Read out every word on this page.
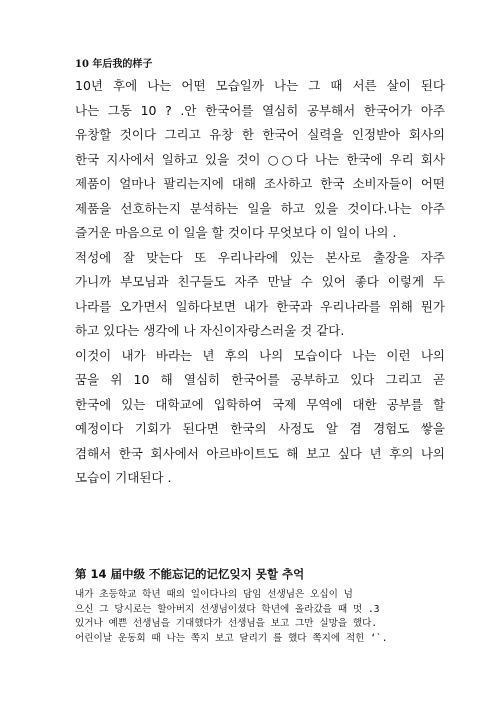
10 年后我的样子

10년 후에 나는 어떤 모습일까 나는 그 때 서른 살이 된다
나는 그동 10 ? .안 한국어를 열심히 공부해서 한국어가 아주
유창할 것이다 그리고 유창 한 한국어 실력을 인정받아 회사의
한국 지사에서 일하고 있을 것이 ○○다 나는 한국에 우리 회사
제품이 얼마나 팔리는지에 대해 조사하고 한국 소비자들이 어떤
제품을 선호하는지 분석하는 일을 하고 있을 것이다.나는 아주
즐거운 마음으로 이 일을 할 것이다 무엇보다 이 일이 나의 .

적성에 잘 맞는다 또 우리나라에 있는 본사로 출장을 자주
가니까 부모님과 친구들도 자주 만날 수 있어 좋다 이렇게 두
나라를 오가면서 일하다보면 내가 한국과 우리나라를 위해 뭔가
하고 있다는 생각에 나 자신이자랑스러울 것 같다.

이것이 내가 바라는 년 후의 나의 모습이다 나는 이런 나의
꿈을 위 10 해 열심히 한국어를 공부하고 있다 그리고 곧
한국에 있는 대학교에 입학하여 국제 무역에 대한 공부를 할
예정이다 기회가 된다면 한국의 사정도 알 겸 경험도 쌓을
겸해서 한국 회사에서 아르바이트도 해 보고 싶다 년 후의 나의
모습이 기대된다 .

第 14 届中级 不能忘记的记忆잊지 못할 추억

내가 초등학교 학년 때의 일이다나의 담임 선생님은 오십이 넘
으신 그 당시로는 할아버지 선생님이셨다 학년에 올라갔을 때 멋 .3
있거나 예쁜 선생님을 기대했다가 선생님을 보고 그만 실망을 했다.
어린이날 운동회 때 나는 쪽지 보고 달리기 를 했다 쪽지에 적힌 ‘`.
